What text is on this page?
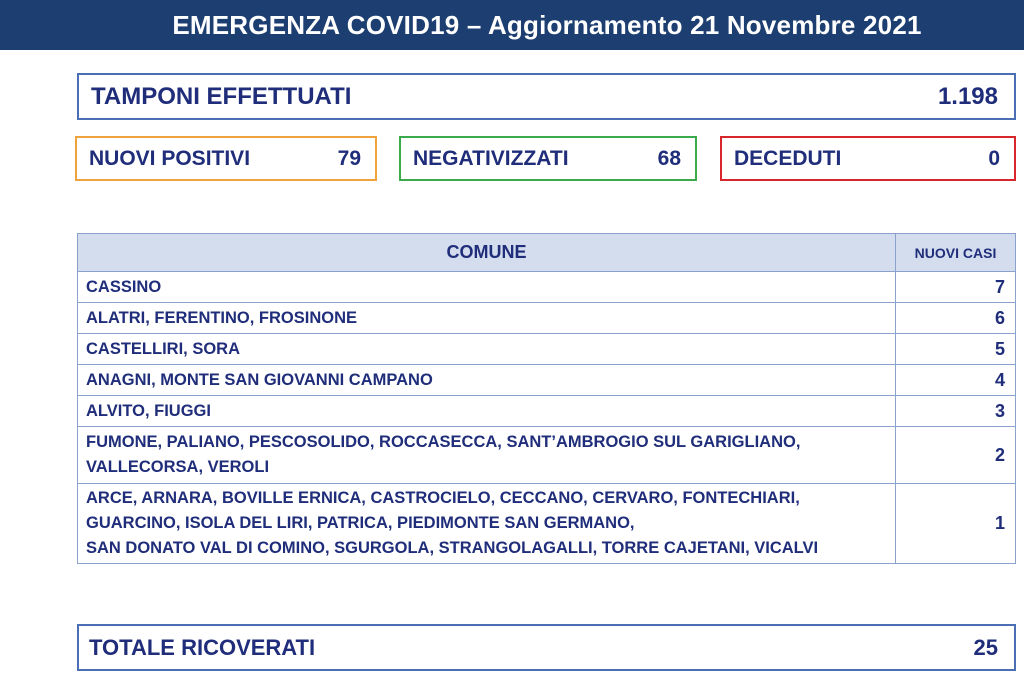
EMERGENZA COVID19 – Aggiornamento 21 Novembre 2021
TAMPONI EFFETTUATI	1.198
NUOVI POSITIVI	79 NEGATIVIZZATI	68	DECEDUTI	0
COMUNE	NUOVI CASI
CASSINO	7
ALATRI, FERENTINO, FROSINONE	6
CASTELLIRI, SORA	5
ANAGNI, MONTE SAN GIOVANNI CAMPANO	4
ALVITO, FIUGGI	3

FUMONE, PALIANO, PESCOSOLIDO, ROCCASECCA, SANT’AMBROGIO SUL GARIGLIANO,
VALLECORSA, VEROLI	2

ARCE, ARNARA, BOVILLE ERNICA, CASTROCIELO, CECCANO, CERVARO, FONTECHIARI,
GUARCINO, ISOLA DEL LIRI, PATRICA, PIEDIMONTE SAN GERMANO,
SAN DONATO VAL DI COMINO, SGURGOLA, STRANGOLAGALLI, TORRE CAJETANI, VICALVI	1
TOTALE RICOVERATI	25
